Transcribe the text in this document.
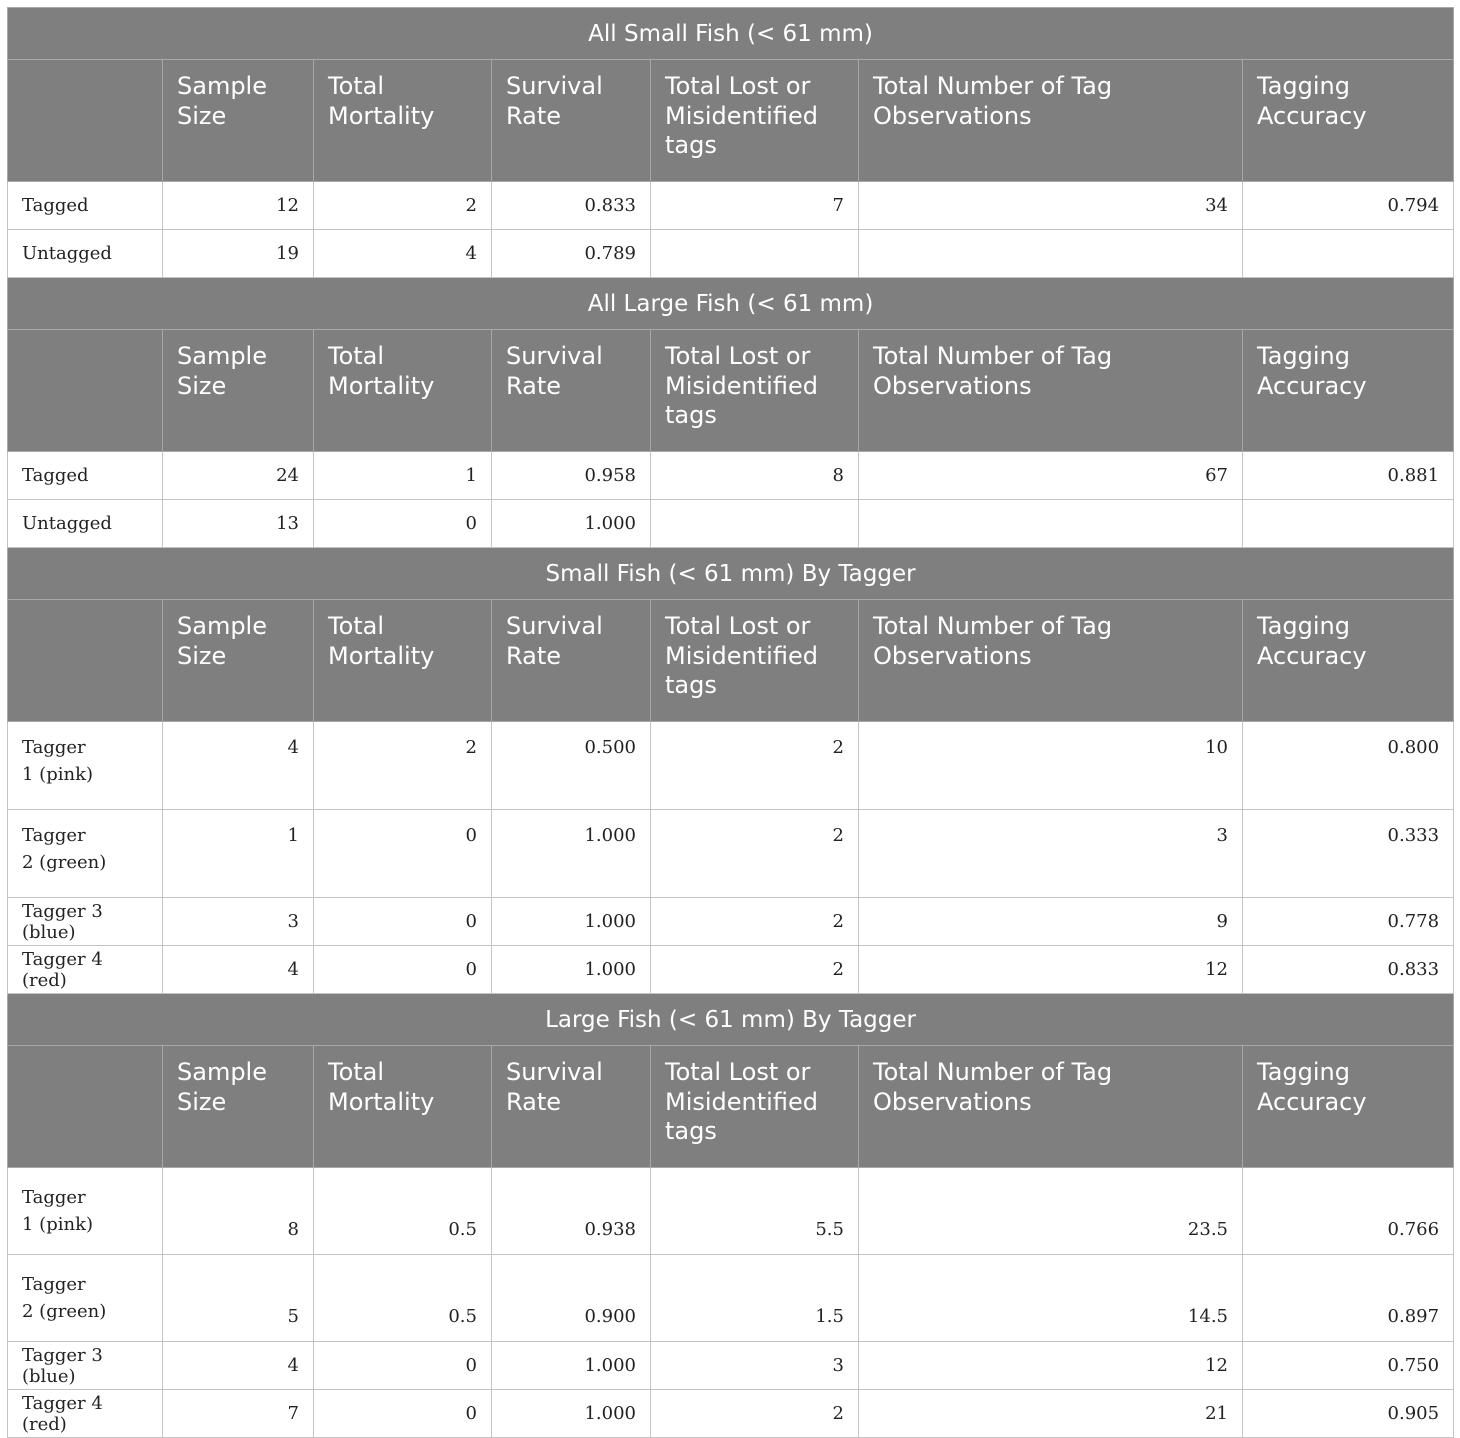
All Small Fish (< 61 mm)						
	Sample Size	Total Mortality	Survival Rate	Total Lost or Misidentified tags	Total Number of Tag Observations	Tagging Accuracy

Tagged	12	2	0.833	7	34	0.794

Untagged	19	4	0.789			
All Large Fish (< 61 mm)						
	Sample Size	Total Mortality	Survival Rate	Total Lost or Misidentified tags	Total Number of Tag Observations	Tagging Accuracy

Tagged	24	1	0.958	8	67	0.881

Untagged	13	0	1.000			
Small Fish (< 61 mm) By Tagger						
	Sample Size	Total Mortality	Survival Rate	Total Lost or Misidentified tags	Total Number of Tag Observations	Tagging Accuracy

Tagger
1 (pink)	4	2	0.500	2	10	0.800

Tagger
2 (green)	1	0	1.000	2	3	0.333

Tagger 3 (blue)	3	0	1.000	2	9	0.778

Tagger 4 (red)	4	0	1.000	2	12	0.833
Large Fish (< 61 mm) By Tagger						
	Sample Size	Total Mortality	Survival Rate	Total Lost or Misidentified tags	Total Number of Tag Observations	Tagging Accuracy

Tagger
1 (pink)	8	0.5	0.938	5.5	23.5	0.766

Tagger
2 (green)	5	0.5	0.900	1.5	14.5	0.897

Tagger 3 (blue)	4	0	1.000	3	12	0.750

Tagger 4 (red)	7	0	1.000	2	21	0.905
